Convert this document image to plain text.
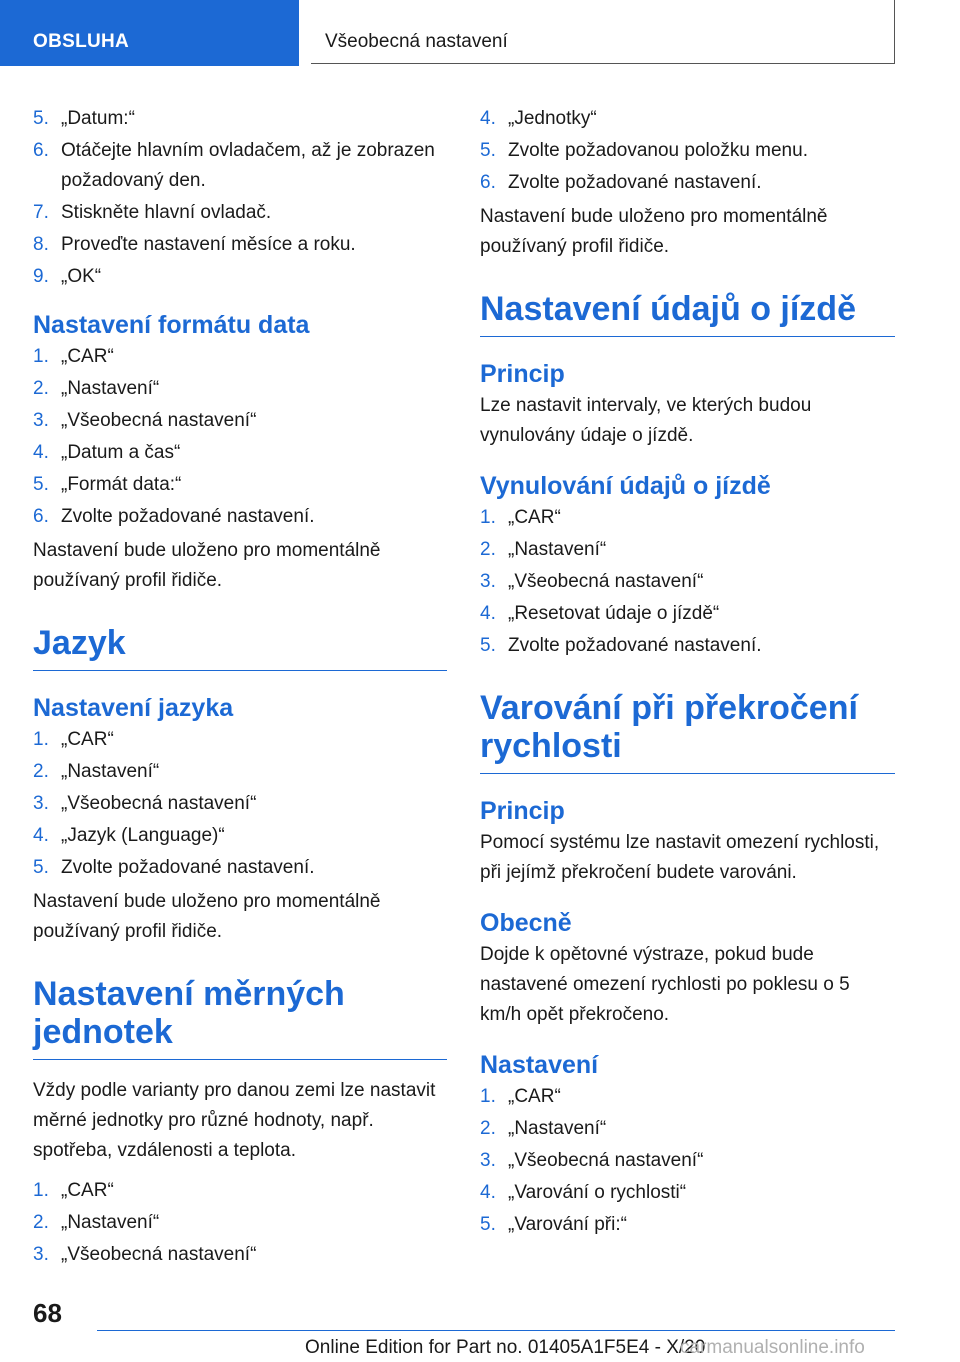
OBSLUHA	Všeobecná nastavení
5. „Datum:“
6. Otáčejte hlavním ovladačem, až je zobrazen požadovaný den.
7. Stiskněte hlavní ovladač.
8. Proveďte nastavení měsíce a roku.
9. „OK“
Nastavení formátu data
1. „CAR“
2. „Nastavení“
3. „Všeobecná nastavení“
4. „Datum a čas“
5. „Formát data:“
6. Zvolte požadované nastavení.

Nastavení bude uloženo pro momentálně používaný profil řidiče.

Jazyk
Nastavení jazyka
1. „CAR“
2. „Nastavení“
3. „Všeobecná nastavení“
4. „Jazyk (Language)“
5. Zvolte požadované nastavení.

Nastavení bude uloženo pro momentálně používaný profil řidiče.

Nastavení měrných jednotek

Vždy podle varianty pro danou zemi lze nastavit měrné jednotky pro různé hodnoty, např. spotřeba, vzdálenosti a teplota.

1. „CAR“
2. „Nastavení“
3. „Všeobecná nastavení“
4. „Jednotky“
5. Zvolte požadovanou položku menu.
6. Zvolte požadované nastavení.

Nastavení bude uloženo pro momentálně používaný profil řidiče.

Nastavení údajů o jízdě
Princip

Lze nastavit intervaly, ve kterých budou vynulovány údaje o jízdě.

Vynulování údajů o jízdě
1. „CAR“
2. „Nastavení“
3. „Všeobecná nastavení“
4. „Resetovat údaje o jízdě“
5. Zvolte požadované nastavení.
Varování při překročení rychlosti
Princip

Pomocí systému lze nastavit omezení rychlosti, při jejímž překročení budete varováni.

Obecně

Dojde k opětovné výstraze, pokud bude nastavené omezení rychlosti po poklesu o 5 km/h opět překročeno.

Nastavení
1. „CAR“
2. „Nastavení“
3. „Všeobecná nastavení“
4. „Varování o rychlosti“
5. „Varování při:“
68
Online Edition for Part no. 01405A1F5E4 - X/20
carmanualsonline.info
